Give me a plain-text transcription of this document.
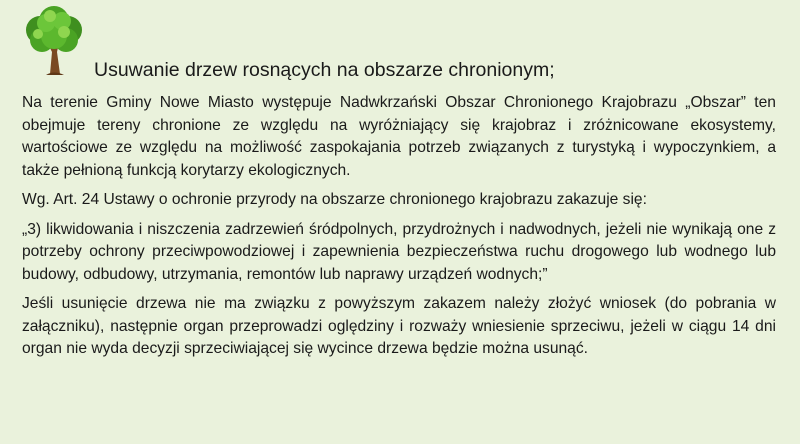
Usuwanie drzew rosnących na obszarze chronionym;

Na terenie Gminy Nowe Miasto występuje Nadwkrzański Obszar Chronionego Krajobrazu „Obszar” ten obejmuje tereny chronione ze względu na wyróżniający się krajobraz i zróżnicowane ekosystemy, wartościowe ze względu na możliwość zaspokajania potrzeb związanych z turystyką i wypoczynkiem, a także pełnioną funkcją korytarzy ekologicznych.

Wg. Art. 24 Ustawy o ochronie przyrody na obszarze chronionego krajobrazu zakazuje się:

„3) likwidowania i niszczenia zadrzewień śródpolnych, przydrożnych i nadwodnych, jeżeli nie wynikają one z potrzeby ochrony przeciwpowodziowej i zapewnienia bezpieczeństwa ruchu drogowego lub wodnego lub budowy, odbudowy, utrzymania, remontów lub naprawy urządzeń wodnych;”

Jeśli usunięcie drzewa nie ma związku z powyższym zakazem należy złożyć wniosek (do pobrania w załączniku), następnie organ przeprowadzi oględziny i rozważy wniesienie sprzeciwu, jeżeli w ciągu 14 dni organ nie wyda decyzji sprzeciwiającej się wycince drzewa będzie można usunąć.
